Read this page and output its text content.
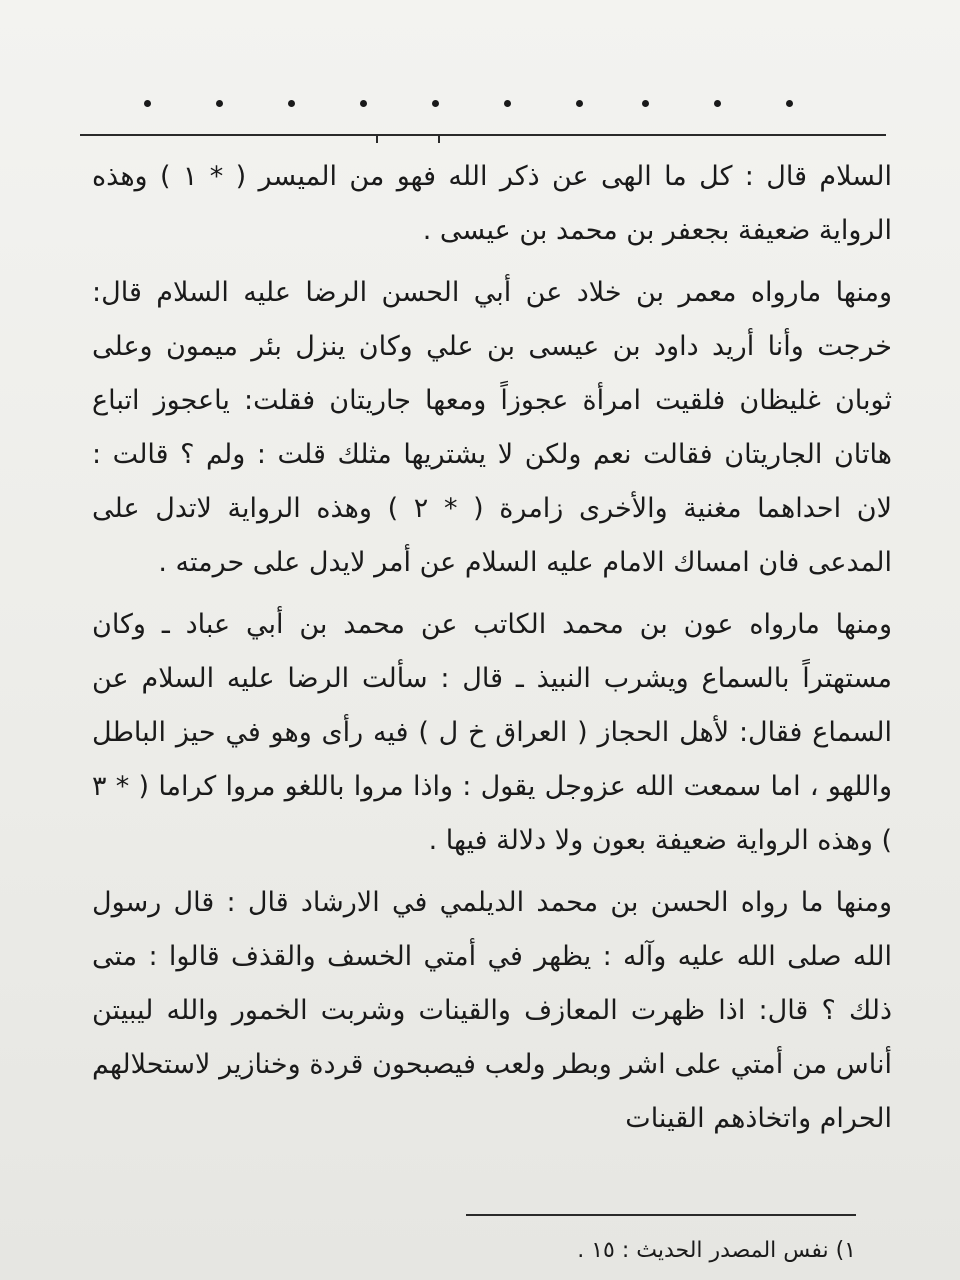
السلام قال : كل ما الهى عن ذكر الله فهو من الميسر ( * ١ ) وهذه الرواية ضعيفة بجعفر بن محمد بن عيسى .

ومنها مارواه معمر بن خلاد عن أبي الحسن الرضا عليه السلام قال: خرجت وأنا أريد داود بن عيسى بن علي وكان ينزل بئر ميمون وعلى ثوبان غليظان فلقيت امرأة عجوزاً ومعها جاريتان فقلت: ياعجوز اتباع هاتان الجاريتان فقالت نعم ولكن لا يشتريها مثلك قلت : ولم ؟ قالت : لان احداهما مغنية والأخرى زامرة ( * ٢ ) وهذه الرواية لاتدل على المدعى فان امساك الامام عليه السلام عن أمر لايدل على حرمته .

ومنها مارواه عون بن محمد الكاتب عن محمد بن أبي عباد ـ وكان مستهتراً بالسماع ويشرب النبيذ ـ قال : سألت الرضا عليه السلام عن السماع فقال: لأهل الحجاز ( العراق خ ل ) فيه رأى وهو في حيز الباطل واللهو ، اما سمعت الله عزوجل يقول : واذا مروا باللغو مروا كراما ( * ٣ ) وهذه الرواية ضعيفة بعون ولا دلالة فيها .

ومنها ما رواه الحسن بن محمد الديلمي في الارشاد قال : قال رسول الله صلى الله عليه وآله : يظهر في أمتي الخسف والقذف قالوا : متى ذلك ؟ قال: اذا ظهرت المعازف والقينات وشربت الخمور والله ليبيتن أناس من أمتي على اشر وبطر ولعب فيصبحون قردة وخنازير لاستحلالهم الحرام واتخاذهم القينات

١) نفس المصدر الحديث : ١٥ .
